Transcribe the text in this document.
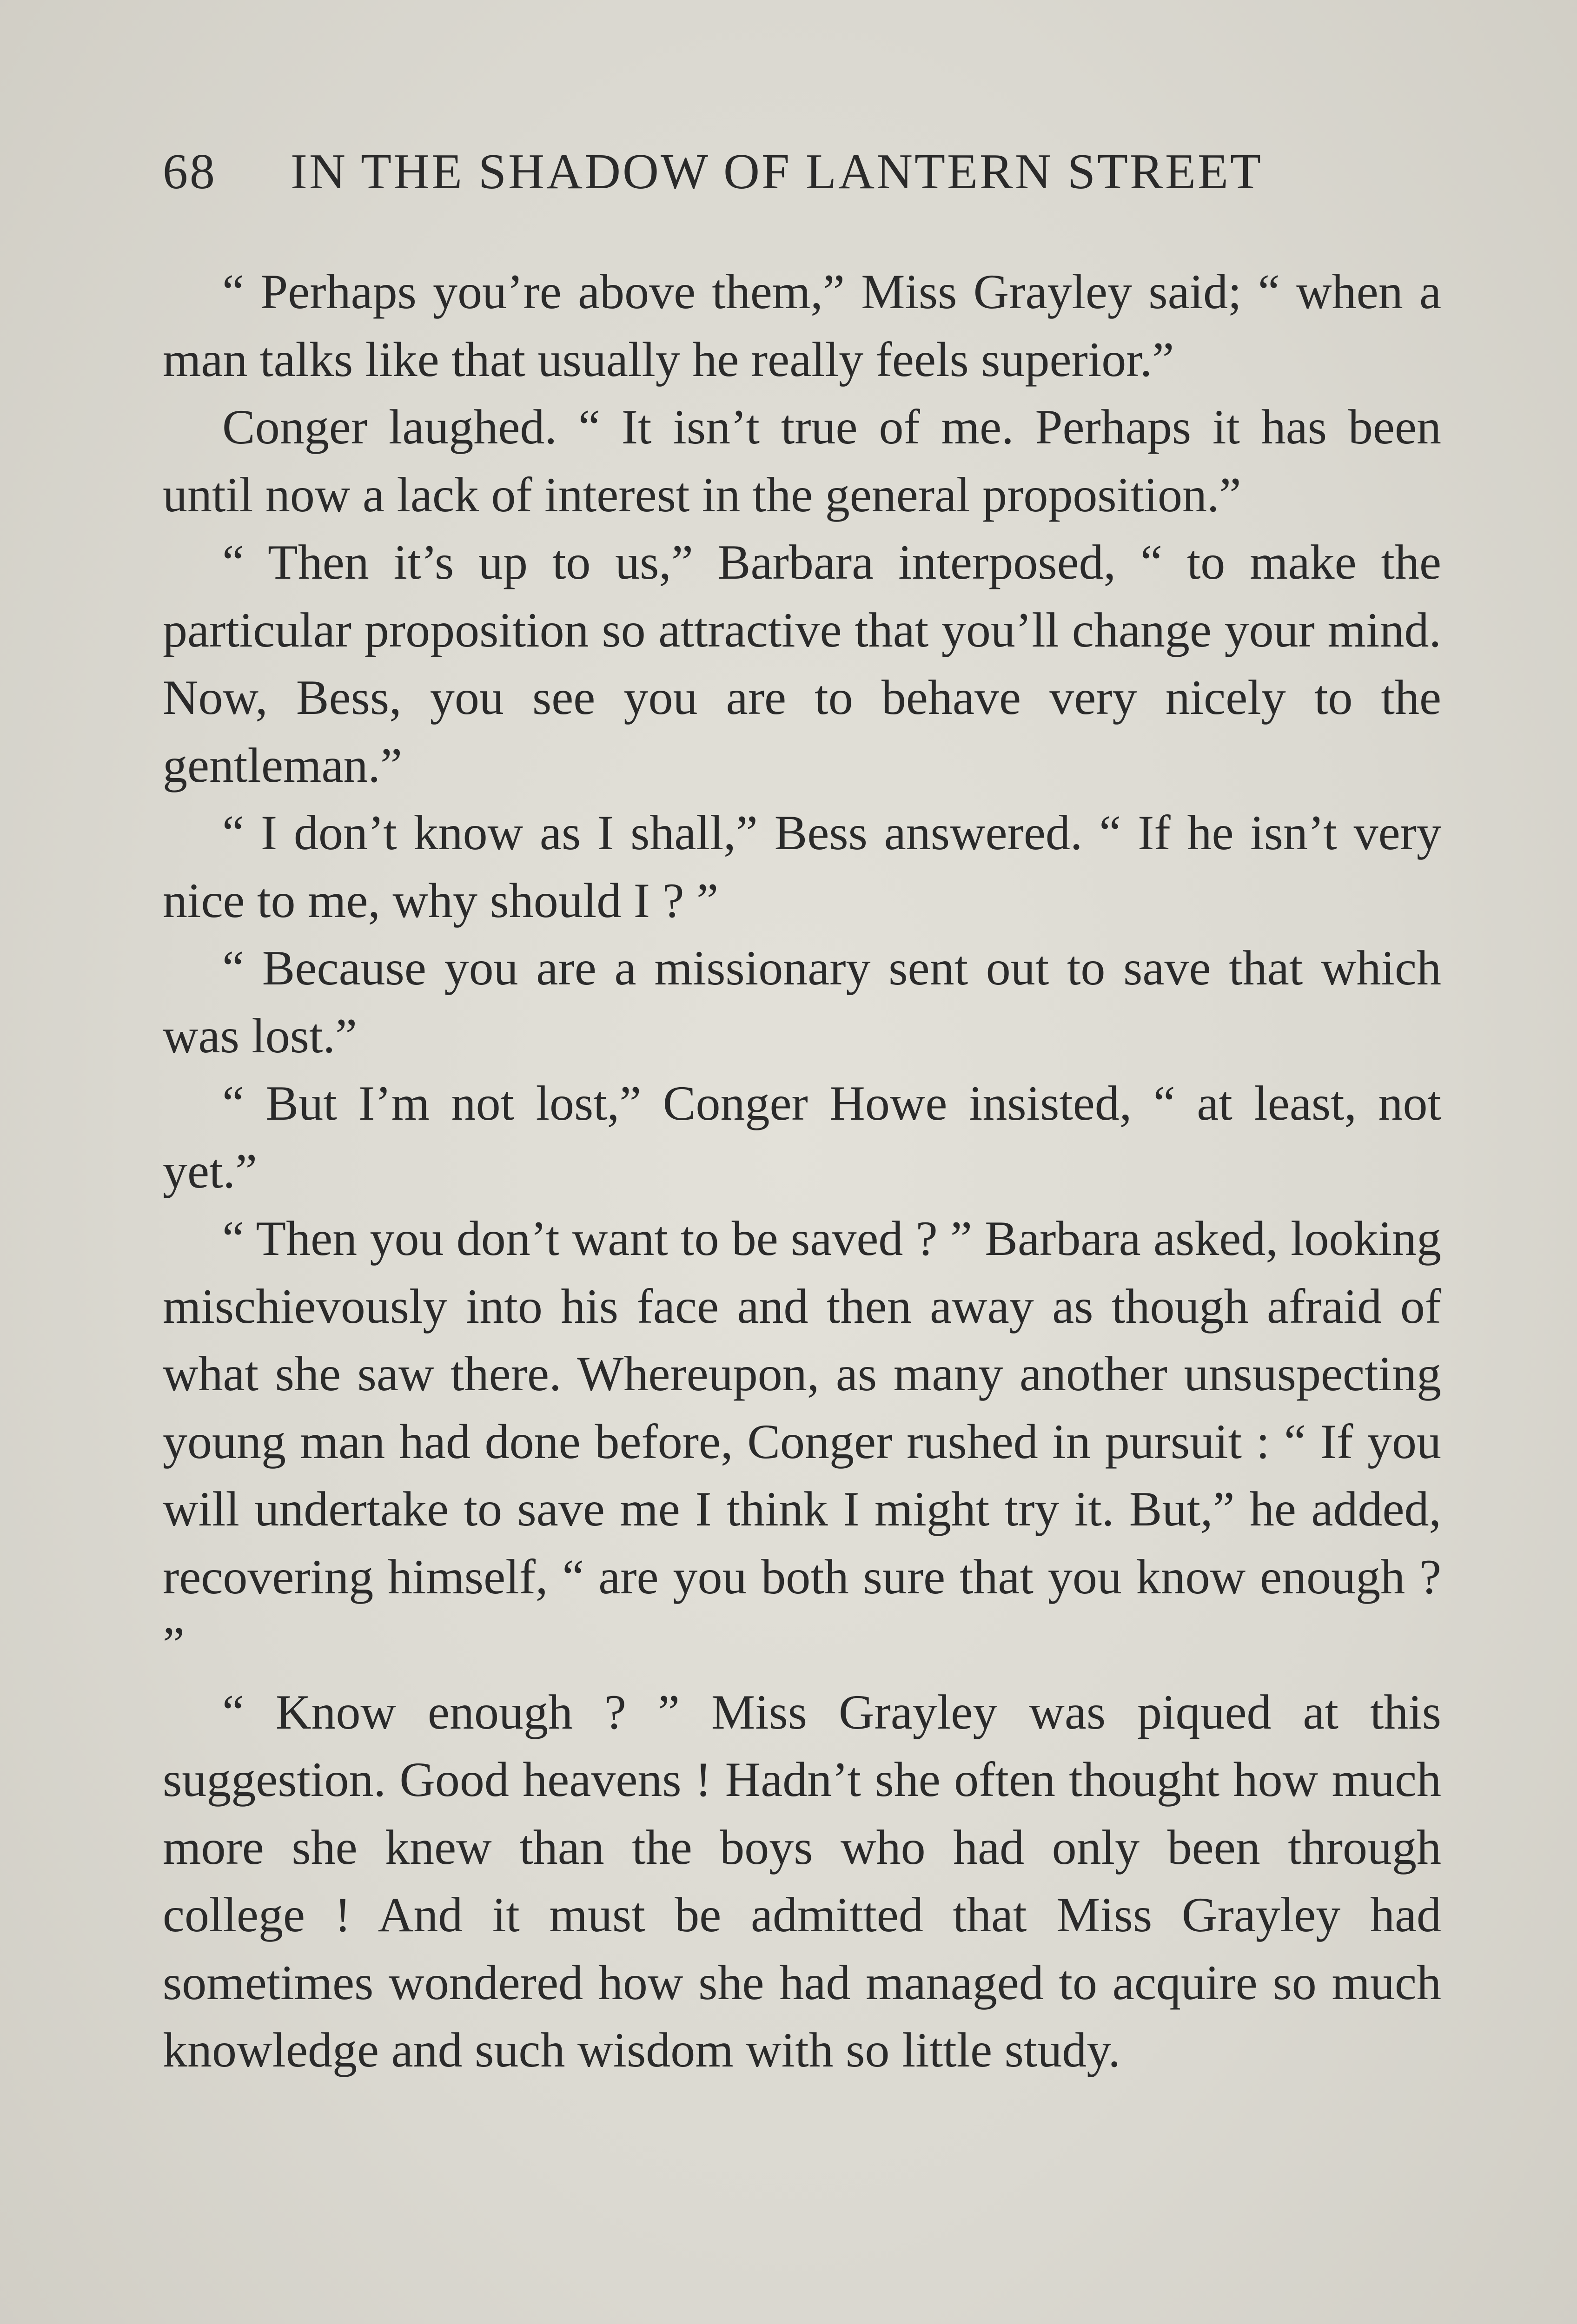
68 IN THE SHADOW OF LANTERN STREET

“ Perhaps you’re above them,” Miss Grayley said; “ when a man talks like that usually he really feels superior.”

Conger laughed. “ It isn’t true of me. Perhaps it has been until now a lack of interest in the general proposition.”

“ Then it’s up to us,” Barbara interposed, “ to make the particular proposition so attractive that you’ll change your mind. Now, Bess, you see you are to behave very nicely to the gentleman.”

“ I don’t know as I shall,” Bess answered. “ If he isn’t very nice to me, why should I ? ”

“ Because you are a missionary sent out to save that which was lost.”

“ But I’m not lost,” Conger Howe insisted, “ at least, not yet.”

“ Then you don’t want to be saved ? ” Barbara asked, looking mischievously into his face and then away as though afraid of what she saw there. Whereupon, as many another unsuspecting young man had done before, Conger rushed in pursuit : “ If you will undertake to save me I think I might try it. But,” he added, recovering himself, “ are you both sure that you know enough ? ”

“ Know enough ? ” Miss Grayley was piqued at this suggestion. Good heavens ! Hadn’t she often thought how much more she knew than the boys who had only been through college ! And it must be admitted that Miss Grayley had sometimes wondered how she had managed to acquire so much knowledge and such wisdom with so little study.
